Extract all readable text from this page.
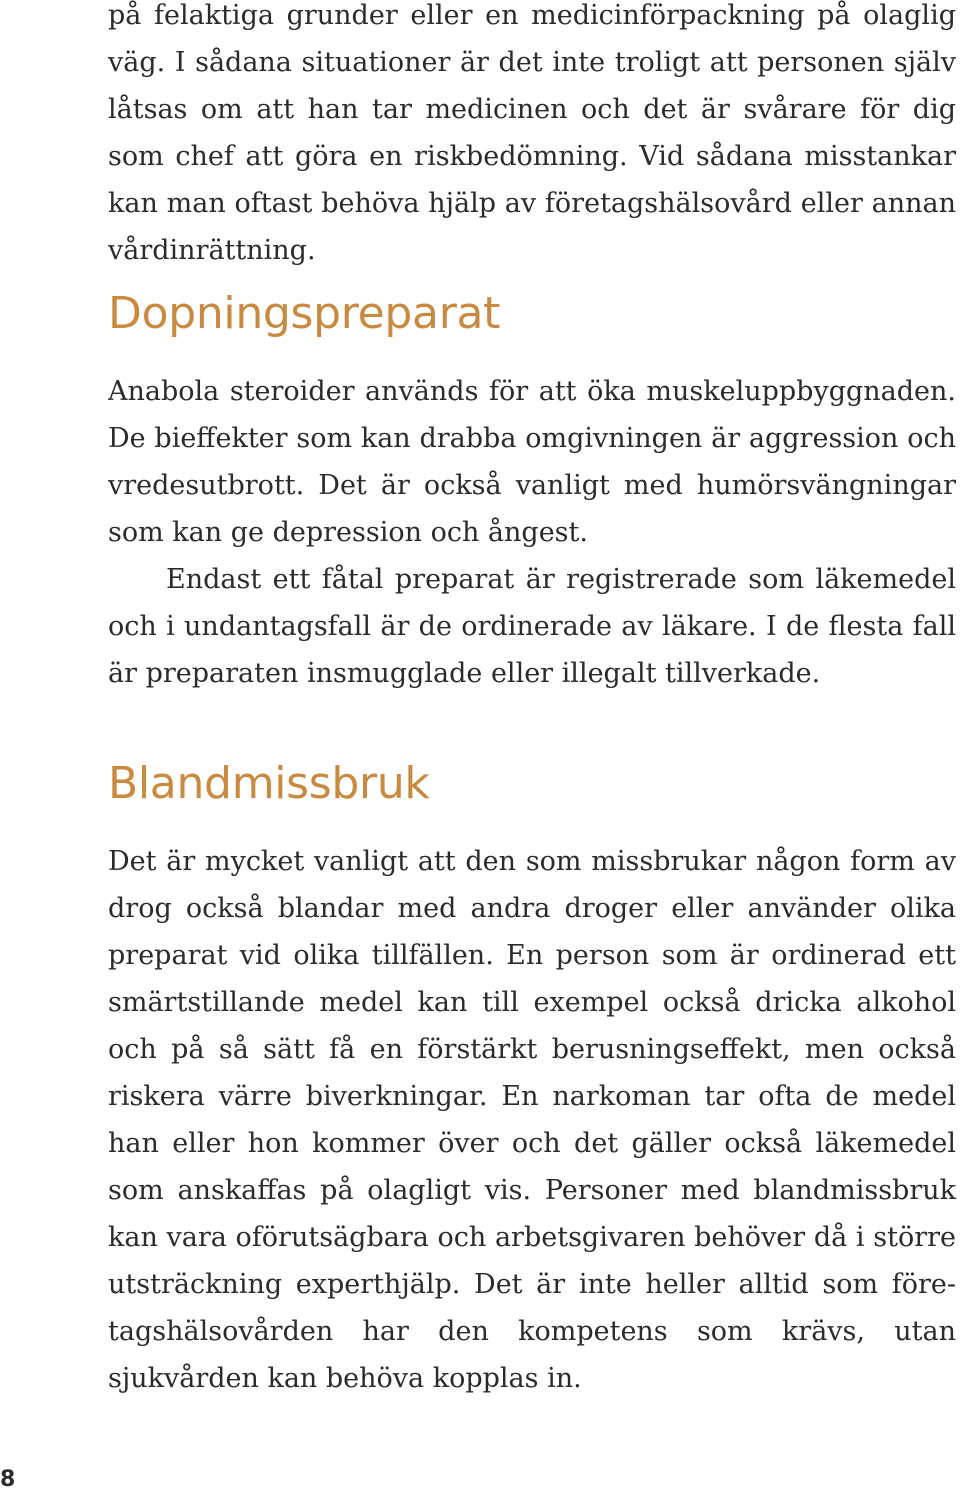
på felaktiga grunder eller en medicinförpackning på olaglig väg. I sådana situationer är det inte troligt att personen själv låtsas om att han tar medicinen och det är svårare för dig som chef att göra en riskbedömning. Vid sådana misstankar kan man oftast behöva hjälp av företagshälsovård eller annan vårdinrättning.

Dopningspreparat

Anabola steroider används för att öka muskeluppbyggnaden. De bieffekter som kan drabba omgivningen är aggression och vredesutbrott. Det är också vanligt med humörsvängningar som kan ge depression och ångest.

Endast ett fåtal preparat är registrerade som läkemedel och i undantagsfall är de ordinerade av läkare. I de flesta fall är preparaten insmugglade eller illegalt tillverkade.

Blandmissbruk

Det är mycket vanligt att den som missbrukar någon form av drog också blandar med andra droger eller använder olika preparat vid olika tillfällen. En person som är ordinerad ett smärtstillande medel kan till exempel också dricka alkohol och på så sätt få en förstärkt berusningseffekt, men också riskera värre biverkningar. En narkoman tar ofta de medel han eller hon kommer över och det gäller också läkemedel som anskaffas på olagligt vis. Personer med blandmissbruk kan vara oförutsägbara och arbetsgivaren behöver då i större utsträckning experthjälp. Det är inte heller alltid som företagshälsovården har den kompetens som krävs, utan sjukvården kan behöva kopplas in.

8
